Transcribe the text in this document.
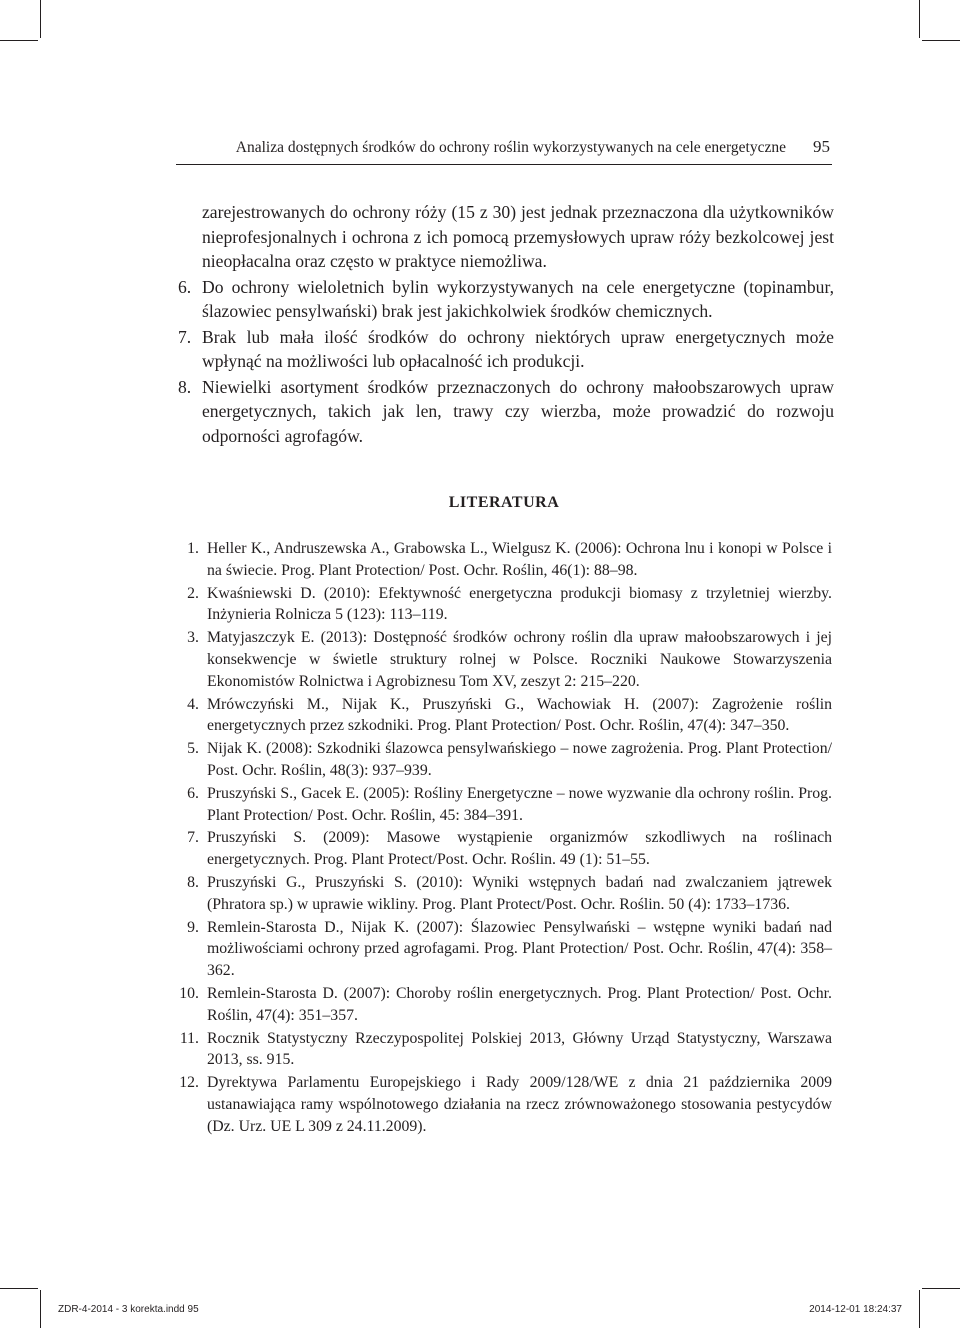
Analiza dostępnych środków do ochrony roślin wykorzystywanych na cele energetyczne 95
zarejestrowanych do ochrony róży (15 z 30) jest jednak przeznaczona dla użytkowników nieprofesjonalnych i ochrona z ich pomocą przemysłowych upraw róży bezkolcowej jest nieopłacalna oraz często w praktyce niemożliwa.
6. Do ochrony wieloletnich bylin wykorzystywanych na cele energetyczne (topinambur, ślazowiec pensylwański) brak jest jakichkolwiek środków chemicznych.
7. Brak lub mała ilość środków do ochrony niektórych upraw energetycznych może wpłynąć na możliwości lub opłacalność ich produkcji.
8. Niewielki asortyment środków przeznaczonych do ochrony małoobszarowych upraw energetycznych, takich jak len, trawy czy wierzba, może prowadzić do rozwoju odporności agrofagów.
LITERATURA
1. Heller K., Andruszewska A., Grabowska L., Wielgusz K. (2006): Ochrona lnu i konopi w Polsce i na świecie. Prog. Plant Protection/ Post. Ochr. Roślin, 46(1): 88–98.
2. Kwaśniewski D. (2010): Efektywność energetyczna produkcji biomasy z trzyletniej wierzby. Inżynieria Rolnicza 5 (123): 113–119.
3. Matyjaszczyk E. (2013): Dostępność środków ochrony roślin dla upraw małoobszarowych i jej konsekwencje w świetle struktury rolnej w Polsce. Roczniki Naukowe Stowarzyszenia Ekonomistów Rolnictwa i Agrobiznesu Tom XV, zeszyt 2: 215–220.
4. Mrówczyński M., Nijak K., Pruszyński G., Wachowiak H. (2007): Zagrożenie roślin energetycznych przez szkodniki. Prog. Plant Protection/ Post. Ochr. Roślin, 47(4): 347–350.
5. Nijak K. (2008): Szkodniki ślazowca pensylwańskiego – nowe zagrożenia. Prog. Plant Protection/ Post. Ochr. Roślin, 48(3): 937–939.
6. Pruszyński S., Gacek E. (2005): Rośliny Energetyczne – nowe wyzwanie dla ochrony roślin. Prog. Plant Protection/ Post. Ochr. Roślin, 45: 384–391.
7. Pruszyński S. (2009): Masowe wystąpienie organizmów szkodliwych na roślinach energetycznych. Prog. Plant Protect/Post. Ochr. Roślin. 49 (1): 51–55.
8. Pruszyński G., Pruszyński S. (2010): Wyniki wstępnych badań nad zwalczaniem jątrewek (Phratora sp.) w uprawie wikliny. Prog. Plant Protect/Post. Ochr. Roślin. 50 (4): 1733–1736.
9. Remlein-Starosta D., Nijak K. (2007): Ślazowiec Pensylwański – wstępne wyniki badań nad możliwościami ochrony przed agrofagami. Prog. Plant Protection/ Post. Ochr. Roślin, 47(4): 358–362.
10. Remlein-Starosta D. (2007): Choroby roślin energetycznych. Prog. Plant Protection/ Post. Ochr. Roślin, 47(4): 351–357.
11. Rocznik Statystyczny Rzeczypospolitej Polskiej 2013, Główny Urząd Statystyczny, Warszawa 2013, ss. 915.
12. Dyrektywa Parlamentu Europejskiego i Rady 2009/128/WE z dnia 21 października 2009 ustanawiająca ramy wspólnotowego działania na rzecz zrównoważonego stosowania pestycydów (Dz. Urz. UE L 309 z 24.11.2009).
ZDR-4-2014 - 3 korekta.indd 95	2014-12-01 18:24:37
